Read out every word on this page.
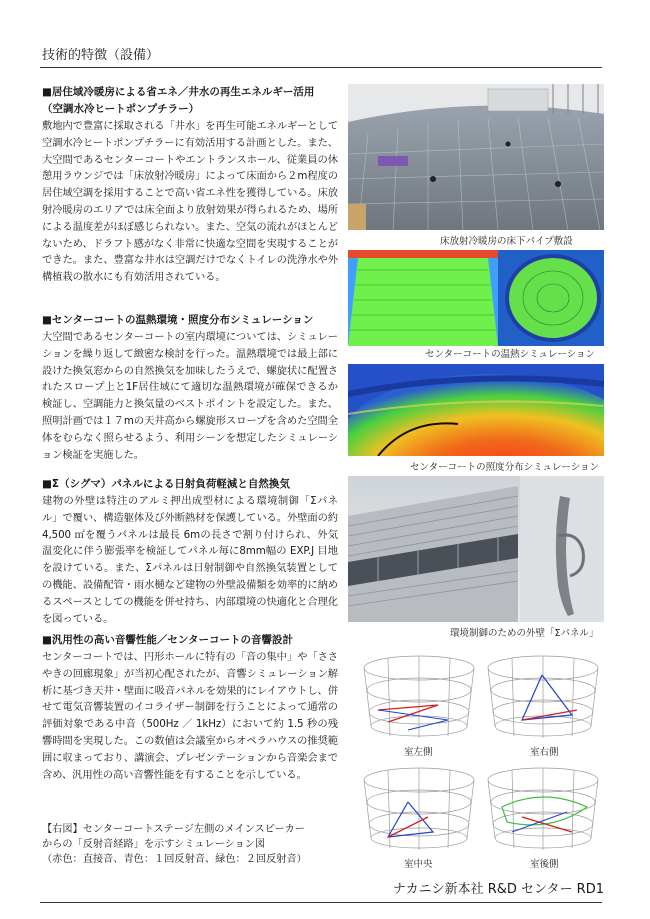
技術的特徴（設備）
■居住域冷暖房による省エネ／井水の再生エネルギー活用
（空調水冷ヒートポンプチラー）

敷地内で豊富に採取される「井水」を再生可能エネルギーとして空調水冷ヒートポンプチラーに有効活用する計画とした。また、大空間であるセンターコートやエントランスホール、従業員の休憩用ラウンジでは「床放射冷暖房」によって床面から２m程度の居住域空調を採用することで高い省エネ性を獲得している。床放射冷暖房のエリアでは床全面より放射効果が得られるため、場所による温度差がほぼ感じられない。また、空気の流れがほとんどないため、ドラフト感がなく非常に快適な空間を実現することができた。また、豊富な井水は空調だけでなくトイレの洗浄水や外構植栽の散水にも有効活用されている。

■センターコートの温熱環境・照度分布シミュレーション

大空間であるセンターコートの室内環境については、シミュレーションを繰り返して緻密な検討を行った。温熱環境では最上部に設けた換気窓からの自然換気を加味したうえで、螺旋状に配置されたスロープ上と1F居住域にて適切な温熱環境が確保できるか検証し、空調能力と換気量のベストポイントを設定した。また、照明計画では１７mの天井高から螺旋形スロープを含めた空間全体をむらなく照らせるよう、利用シーンを想定したシミュレーション検証を実施した。

■Σ（シグマ）パネルによる日射負荷軽減と自然換気

建物の外壁は特注のアルミ押出成型材による環境制御「Σパネル」で覆い、構造躯体及び外断熱材を保護している。外壁面の約 4,500 ㎡を覆うパネルは最長 6mの長さで割り付けられ、外気温変化に伴う膨張率を検証してパネル毎に8mm幅の EXP.J 目地を設けている。また、Σパネルは日射制御や自然換気装置としての機能、設備配管・雨水樋など建物の外壁設備類を効率的に納めるスペースとしての機能を併せ持ち、内部環境の快適化と合理化を図っている。

■汎用性の高い音響性能／センターコートの音響設計

センターコートでは、円形ホールに特有の「音の集中」や「ささやきの回廊現象」が当初心配されたが、音響シミュレーション解析に基づき天井・壁面に吸音パネルを効果的にレイアウトし、併せて電気音響装置のイコライザー制御を行うことによって通常の評価対象である中音（500Hz ／ 1kHz）において約 1.5 秒の残響時間を実現した。この数値は会議室からオペラハウスの推奨範囲に収まっており、講演会、プレゼンテーションから音楽会まで含め、汎用性の高い音響性能を有することを示している。

【右図】センターコートステージ左側のメインスピーカー
からの「反射音経路」を示すシミュレーション図
（赤色：直接音、青色：１回反射音、緑色：２回反射音）
床放射冷暖房の床下パイプ敷設
センターコートの温熱シミュレーション
センターコートの照度分布シミュレーション
環境制御のための外壁「Σパネル」
室左側	室右側
室中央	室後側
ナカニシ新本社 R&D センター RD1
